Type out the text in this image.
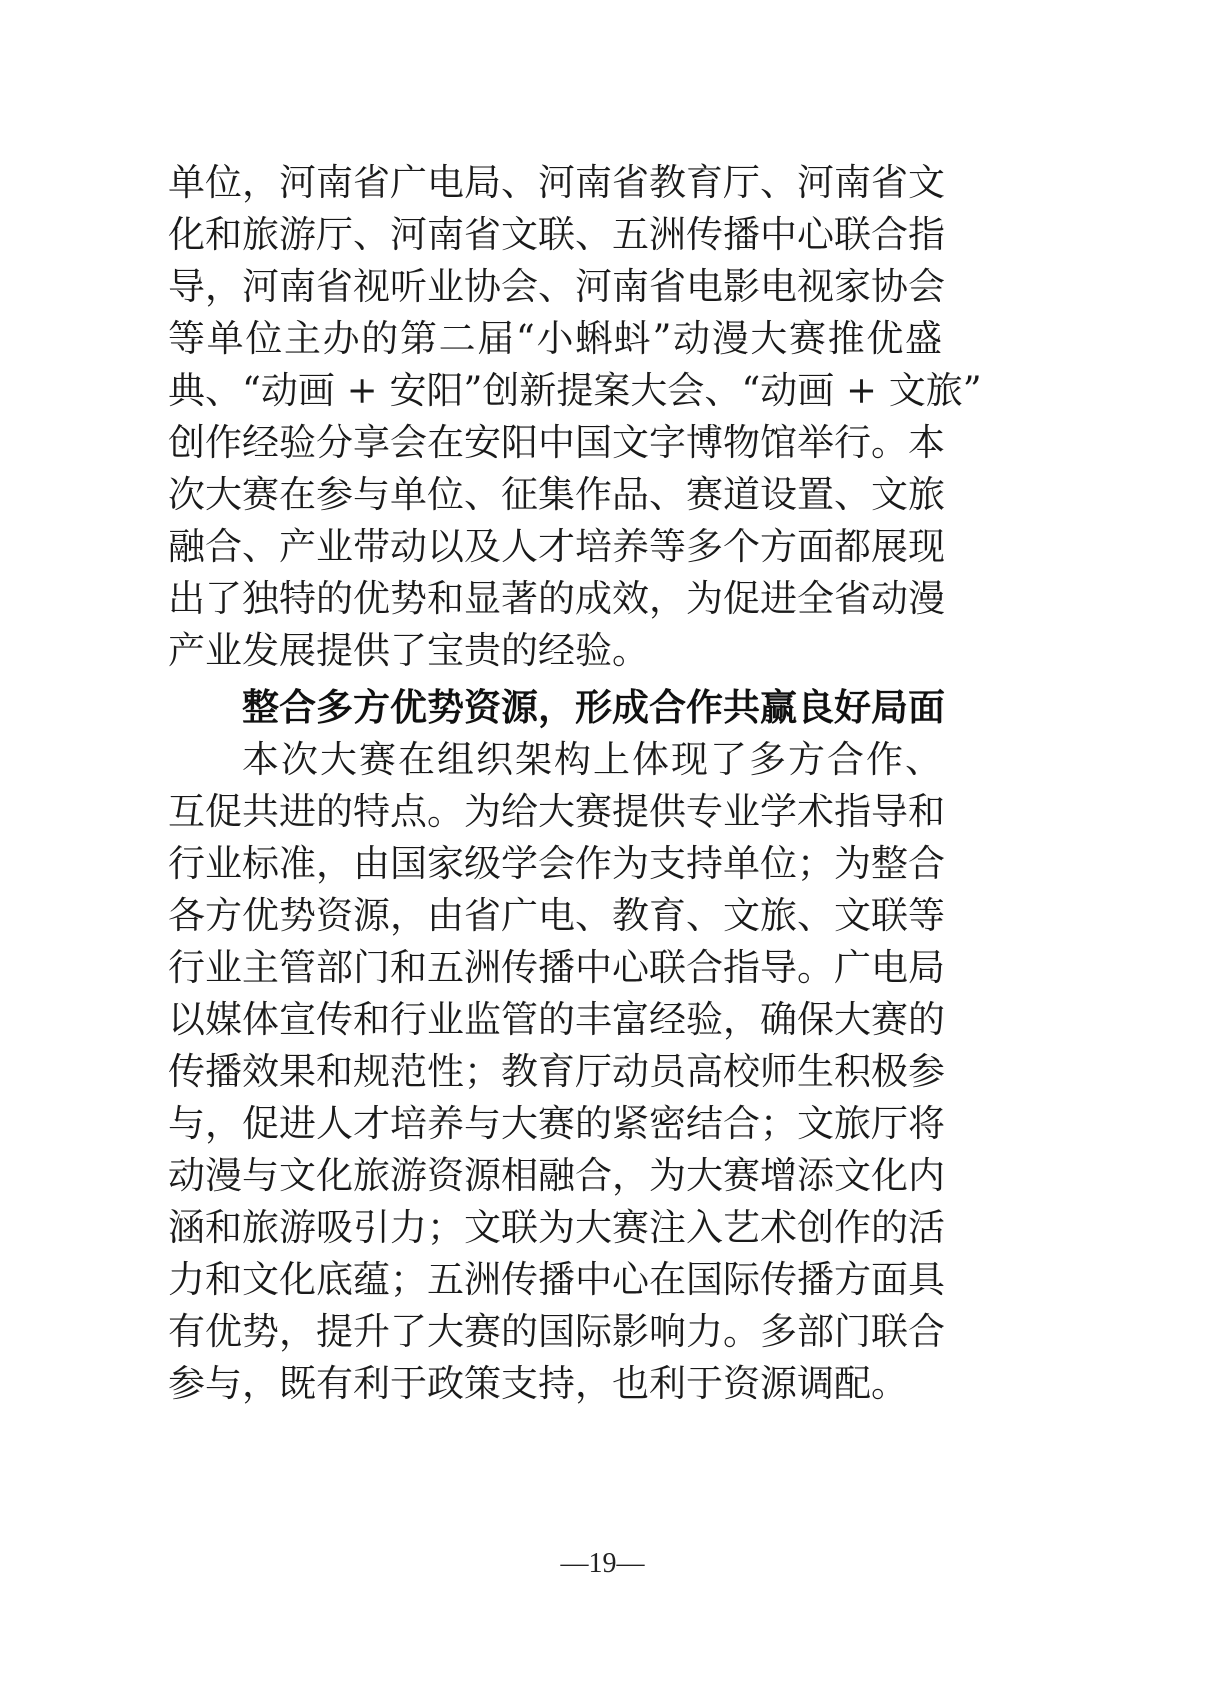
单位，河南省广电局、河南省教育厅、河南省文
化和旅游厅、河南省文联、五洲传播中心联合指
导，河南省视听业协会、河南省电影电视家协会
等单位主办的第二届“小蝌蚪”动漫大赛推优盛
典、“动画 + 安阳”创新提案大会、“动画 + 文旅”
创作经验分享会在安阳中国文字博物馆举行。本
次大赛在参与单位、征集作品、赛道设置、文旅
融合、产业带动以及人才培养等多个方面都展现
出了独特的优势和显著的成效，为促进全省动漫
产业发展提供了宝贵的经验。
整合多方优势资源，形成合作共赢良好局面
本次大赛在组织架构上体现了多方合作、
互促共进的特点。为给大赛提供专业学术指导和
行业标准，由国家级学会作为支持单位；为整合
各方优势资源，由省广电、教育、文旅、文联等
行业主管部门和五洲传播中心联合指导。广电局
以媒体宣传和行业监管的丰富经验，确保大赛的
传播效果和规范性；教育厅动员高校师生积极参
与，促进人才培养与大赛的紧密结合；文旅厅将
动漫与文化旅游资源相融合，为大赛增添文化内
涵和旅游吸引力；文联为大赛注入艺术创作的活
力和文化底蕴；五洲传播中心在国际传播方面具
有优势，提升了大赛的国际影响力。多部门联合
参与，既有利于政策支持，也利于资源调配。
—19—
